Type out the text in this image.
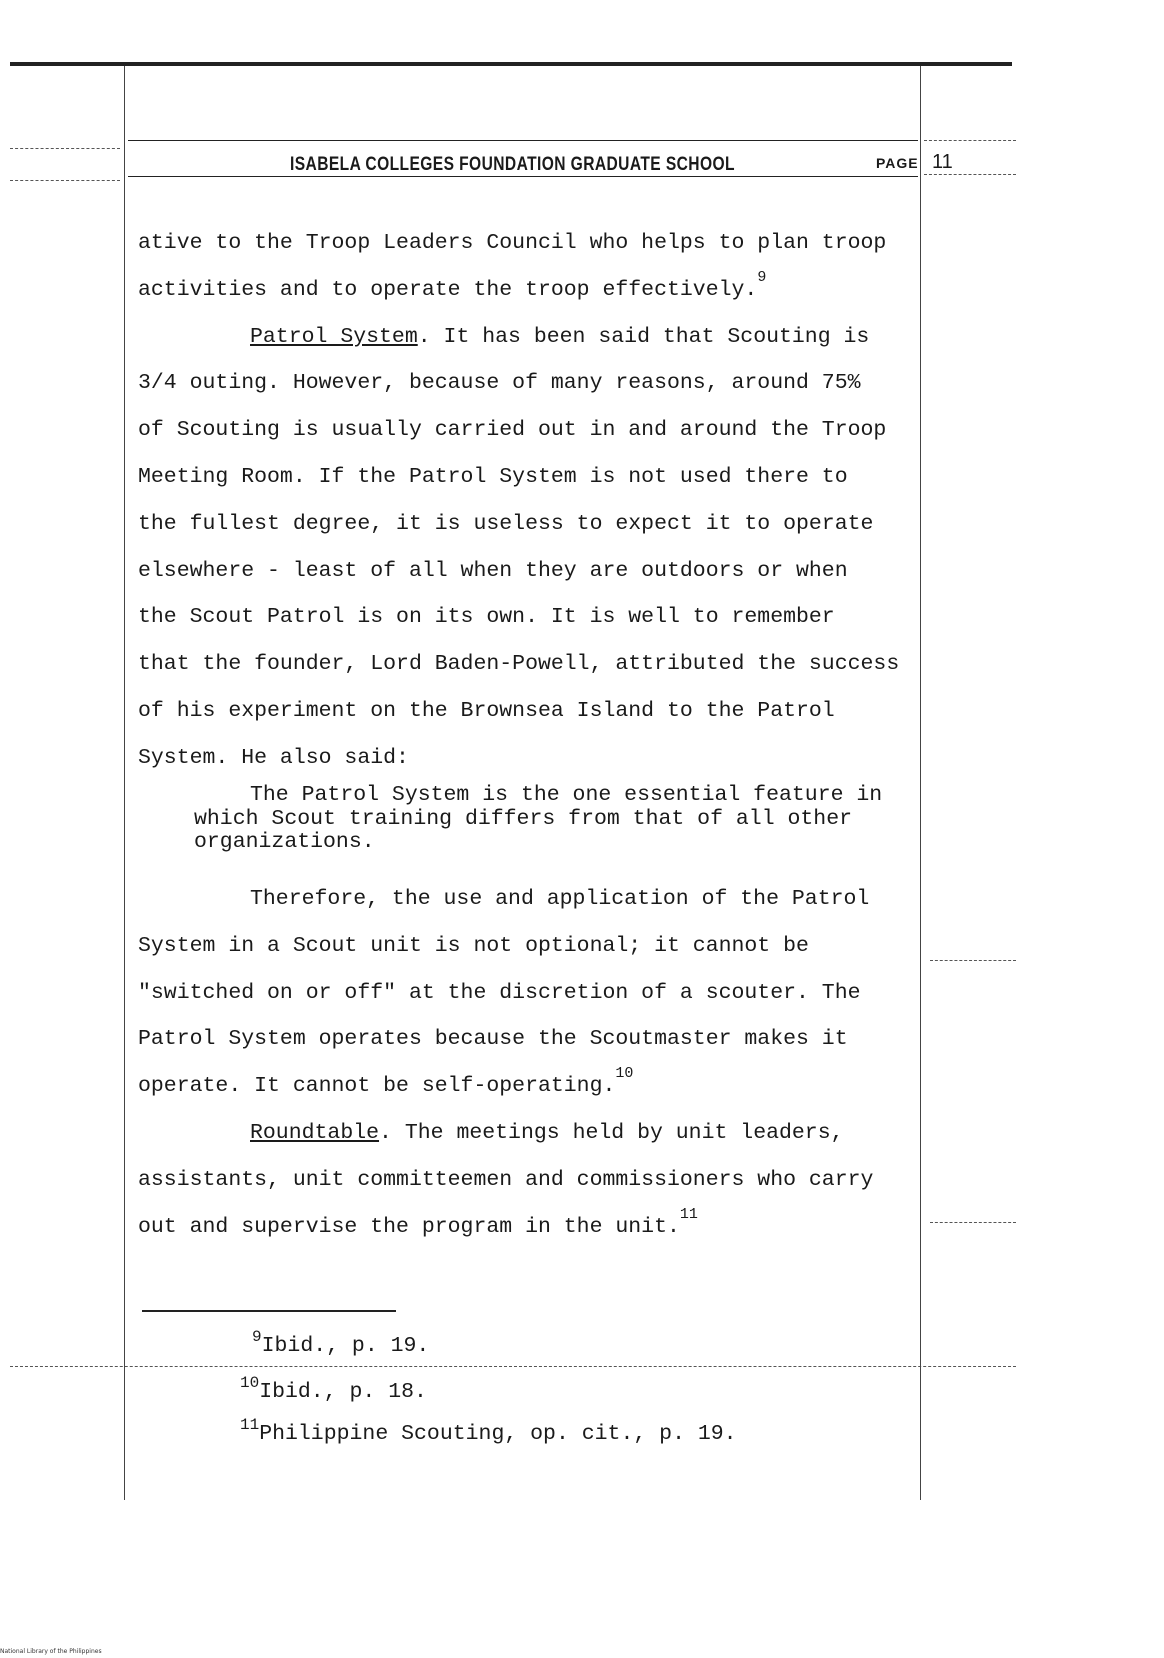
ISABELA COLLEGES FOUNDATION GRADUATE SCHOOL	PAGE 11
ative to the Troop Leaders Council who helps to plan troop
activities and to operate the troop effectively.$^9$
Patrol System. It has been said that Scouting is
3/4 outing. However, because of many reasons, around 75%
of Scouting is usually carried out in and around the Troop
Meeting Room. If the Patrol System is not used there to
the fullest degree, it is useless to expect it to operate
elsewhere - least of all when they are outdoors or when
the Scout Patrol is on its own. It is well to remember
that the founder, Lord Baden-Powell, attributed the success
of his experiment on the Brownsea Island to the Patrol
System. He also said:
The Patrol System is the one essential feature in
which Scout training differs from that of all other
organizations.
Therefore, the use and application of the Patrol
System in a Scout unit is not optional; it cannot be
"switched on or off" at the discretion of a scouter. The
Patrol System operates because the Scoutmaster makes it
operate. It cannot be self-operating.$^{10}$
Roundtable. The meetings held by unit leaders,
assistants, unit committeemen and commissioners who carry
out and supervise the program in the unit.$^{11}$
$^9$Ibid., p. 19.
$^{10}$Ibid., p. 18.
$^{11}$Philippine Scouting, op. cit., p. 19.
National Library of the Philippines
